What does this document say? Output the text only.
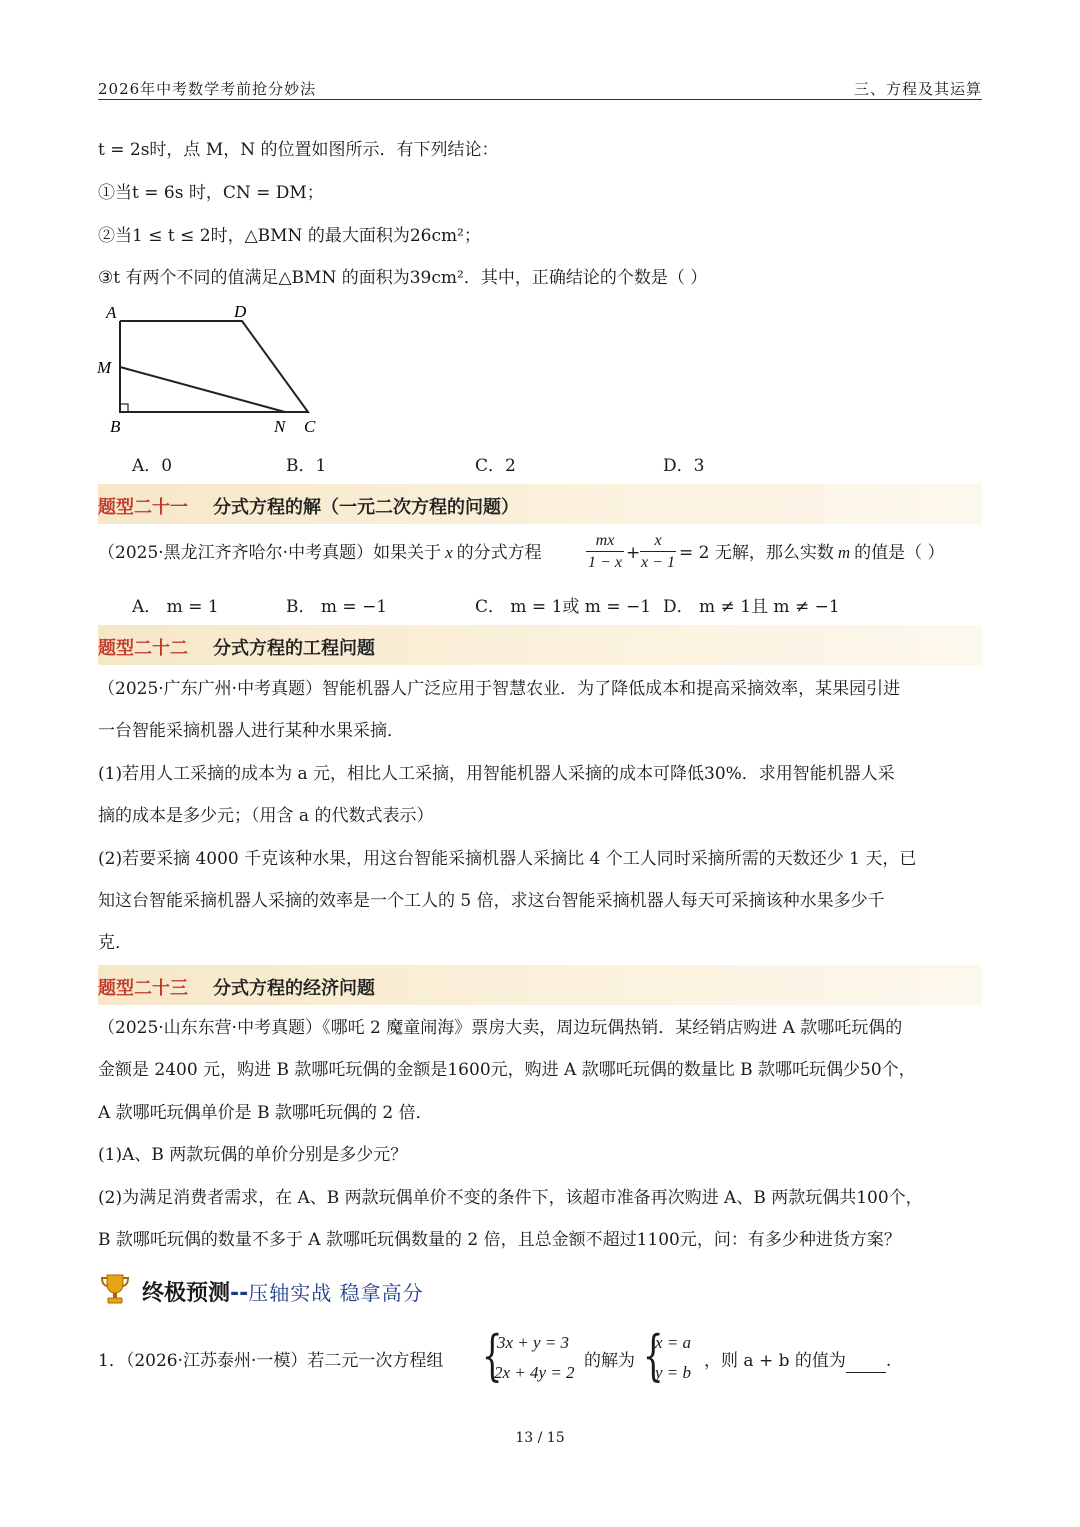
2026年中考数学考前抢分妙法	三、方程及其运算
t = 2s时，点 M，N 的位置如图所示．有下列结论：
①当t = 6s 时，CN = DM；
②当1 ≤ t ≤ 2时，△BMN 的最大面积为26cm²；
③t 有两个不同的值满足△BMN 的面积为39cm²．其中，正确结论的个数是（ ）
A	D
M
B	N C
A．0	B．1	C．2	D．3
题型二十一 分式方程的解（一元二次方程的问题）
（2025·黑龙江齐齐哈尔·中考真题）如果关于 x 的分式方程	$\frac{mx}{1 - x} + \frac{x}{x - 1} = 2$ 无解，那么实数 m 的值是（ ）
A． m = 1	B． m = −1	C． m = 1或 m = −1 D． m ≠ 1且 m ≠ −1
题型二十二 分式方程的工程问题
（2025·广东广州·中考真题）智能机器人广泛应用于智慧农业．为了降低成本和提高采摘效率，某果园引进
一台智能采摘机器人进行某种水果采摘．
(1)若用人工采摘的成本为 a 元，相比人工采摘，用智能机器人采摘的成本可降低30%．求用智能机器人采
摘的成本是多少元；（用含 a 的代数式表示）
(2)若要采摘 4000 千克该种水果，用这台智能采摘机器人采摘比 4 个工人同时采摘所需的天数还少 1 天，已
知这台智能采摘机器人采摘的效率是一个工人的 5 倍，求这台智能采摘机器人每天可采摘该种水果多少千
克．
题型二十三 分式方程的经济问题
（2025·山东东营·中考真题）《哪吒 2 魔童闹海》票房大卖，周边玩偶热销．某经销店购进 A 款哪吒玩偶的
金额是 2400 元，购进 B 款哪吒玩偶的金额是1600元，购进 A 款哪吒玩偶的数量比 B 款哪吒玩偶少50个，
A 款哪吒玩偶单价是 B 款哪吒玩偶的 2 倍．
(1)A、B 两款玩偶的单价分别是多少元？
(2)为满足消费者需求，在 A、B 两款玩偶单价不变的条件下，该超市准备再次购进 A、B 两款玩偶共100个，
B 款哪吒玩偶的数量不多于 A 款哪吒玩偶数量的 2 倍，且总金额不超过1100元，问：有多少种进货方案？
终极预测--压轴实战 稳拿高分
1．（2026·江苏泰州·一模）若二元一次方程组 {
3x + y = 3
2x + 4y = 2
的解为 {
x = a
y = b
，则 a + b 的值为 .
13 / 15
